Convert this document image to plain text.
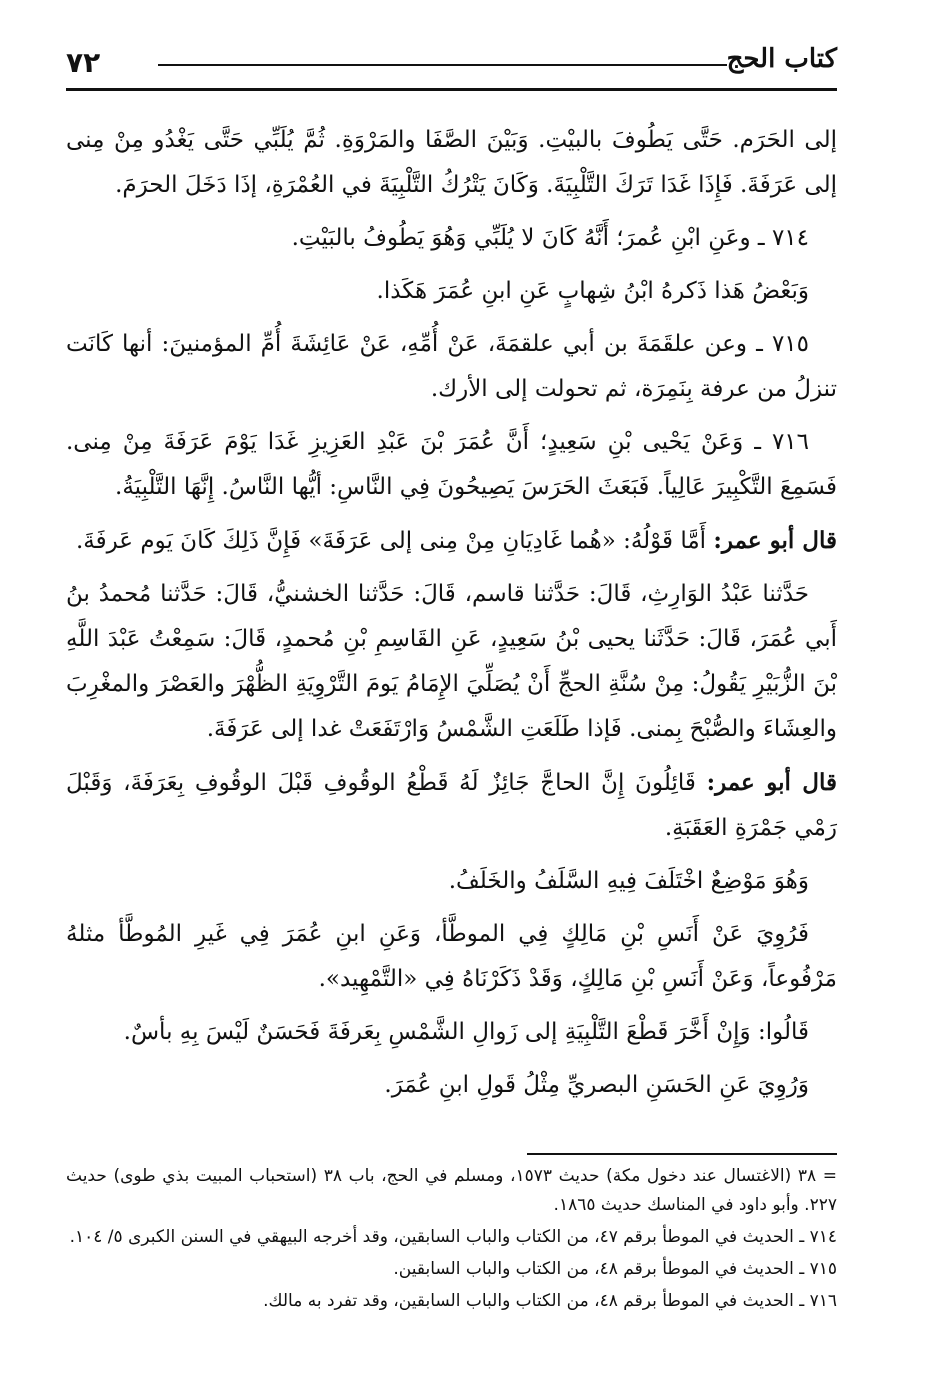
كتاب الحج
٧٢

إلى الحَرَم. حَتَّى يَطُوفَ بالبيْتِ. وَبَيْنَ الصَّفَا والمَرْوَةِ. ثُمَّ يُلَبِّي حَتَّى يَغْدُو مِنْ مِنى إلى عَرَفَةَ. فَإِذَا غَدَا تَرَكَ التَّلْبِيَةَ. وَكَانَ يَتْرُكُ التَّلْبِيَةَ في العُمْرَةِ، إذَا دَخَلَ الحرَمَ.

٧١٤ ـ وعَنِ ابْنِ عُمرَ؛ أَنَّهُ كَانَ لا يُلَبِّي وَهُوَ يَطُوفُ بالبَيْتِ.

وَبَعْضُ هَذا ذَكرهُ ابْنُ شِهابٍ عَنِ ابنِ عُمَرَ هَكَذا.

٧١٥ ـ وعن علقَمَةَ بن أبي علقمَةَ، عَنْ أُمِّهِ، عَنْ عَائِشَةَ أُمِّ المؤمنينَ: أنها كَانَت تنزلُ من عرفة بِنَمِرَة، ثم تحولت إلى الأرك.

٧١٦ ـ وَعَنْ يَحْيى بْنِ سَعِيدٍ؛ أَنَّ عُمَرَ بْنَ عَبْدِ العَزِيزِ غَدَا يَوْمَ عَرَفَةَ مِنْ مِنى. فَسَمِعَ التَّكْبِيرَ عَالِياً. فَبَعَثَ الحَرَسَ يَصِيحُونَ فِي النَّاسِ: أيُّها النَّاسُ. إِنَّهَا التَّلْبِيَةُ.

قال أبو عمر: أَمَّا قَوْلُهُ: «هُما غَادِيَانِ مِنْ مِنى إلى عَرَفَةَ» فَإِنَّ ذَلِكَ كَانَ يَوم عَرفَةَ.

حَدَّثنا عَبْدُ الوَارِثِ، قَالَ: حَدَّثنا قاسم، قَالَ: حَدَّثنا الخشنيُّ، قَالَ: حَدَّثنا مُحمدُ بنُ أَبي عُمَرَ، قَالَ: حَدَّثَنا يحيى بْنُ سَعِيدٍ، عَنِ القَاسِمِ بْنِ مُحمدٍ، قَالَ: سَمِعْتُ عَبْدَ اللَّهِ بْنَ الزُّبَيْرِ يَقُولُ: مِنْ سُنَّةِ الحجِّ أَنْ يُصَلِّيَ الإِمَامُ يَومَ التَّرْوِيَةِ الظُّهْرَ والعَصْرَ والمغْرِبَ والعِشَاءَ والصُّبْحَ بِمنى. فَإذا طَلَعَتِ الشَّمْسُ وَارْتَفَعَتْ غدا إلى عَرَفَةَ.

قال أبو عمر: قَائِلُونَ إِنَّ الحاجَّ جَائِزٌ لَهُ قَطْعُ الوقُوفِ قَبْلَ الوقُوفِ بِعَرَفَةَ، وَقَبْلَ رَمْي جَمْرَةِ العَقَبَةِ.

وَهُوَ مَوْضِعٌ اخْتَلَفَ فِيهِ السَّلَفُ والخَلَفُ.

فَرُوِيَ عَنْ أَنَسِ بْنِ مَالِكٍ فِي الموطَّأ، وَعَنِ ابنِ عُمَرَ فِي غَيرِ المُوطَّأ مثلهُ مَرْفُوعاً، وَعَنْ أَنَسِ بْنِ مَالِكٍ، وَقَدْ ذَكَرْنَاهُ فِي «التَّمْهِيد».

قَالُوا: وَإِنْ أَخَّرَ قَطْعَ التَّلْبِيَةِ إلى زَوالِ الشَّمْسِ بِعَرفَةَ فَحَسَنٌ لَيْسَ بِهِ بأسٌ.

وَرُوِيَ عَنِ الحَسَنِ البصريِّ مِثْلُ قَولِ ابنِ عُمَرَ.

= ٣٨ (الاغتسال عند دخول مكة) حديث ١٥٧٣، ومسلم في الحج، باب ٣٨ (استحباب المبيت بذي طوى) حديث ٢٢٧. وأبو داود في المناسك حديث ١٨٦٥.

٧١٤ ـ الحديث في الموطأ برقم ٤٧، من الكتاب والباب السابقين، وقد أخرجه البيهقي في السنن الكبرى ٥/ ١٠٤.

٧١٥ ـ الحديث في الموطأ برقم ٤٨، من الكتاب والباب السابقين.

٧١٦ ـ الحديث في الموطأ برقم ٤٨، من الكتاب والباب السابقين، وقد تفرد به مالك.
